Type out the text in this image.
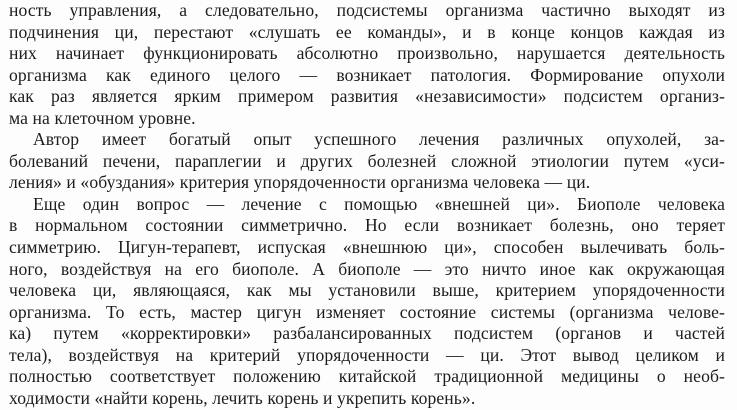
ность управления, а следовательно, подсистемы организма частично выходят из
подчинения ци, перестают «слушать ее команды», и в конце концов каждая из
них начинает функционировать абсолютно произвольно, нарушается деятельность
организма как единого целого — возникает патология. Формирование опухоли
как раз является ярким примером развития «независимости» подсистем организ-
ма на клеточном уровне.
Автор имеет богатый опыт успешного лечения различных опухолей, за-
болеваний печени, параплегии и других болезней сложной этиологии путем «уси-
ления» и «обуздания» критерия упорядоченности организма человека — ци.
Еще один вопрос — лечение с помощью «внешней ци». Биополе человека
в нормальном состоянии симметрично. Но если возникает болезнь, оно теряет
симметрию. Цигун-терапевт, испуская «внешнюю ци», способен вылечивать боль-
ного, воздействуя на его биополе. А биополе — это ничто иное как окружающая
человека ци, являющаяся, как мы установили выше, критерием упорядоченности
организма. То есть, мастер цигун изменяет состояние системы (организма челове-
ка) путем «корректировки» разбалансированных подсистем (органов и частей
тела), воздействуя на критерий упорядоченности — ци. Этот вывод целиком и
полностью соответствует положению китайской традиционной медицины о необ-
ходимости «найти корень, лечить корень и укрепить корень».
